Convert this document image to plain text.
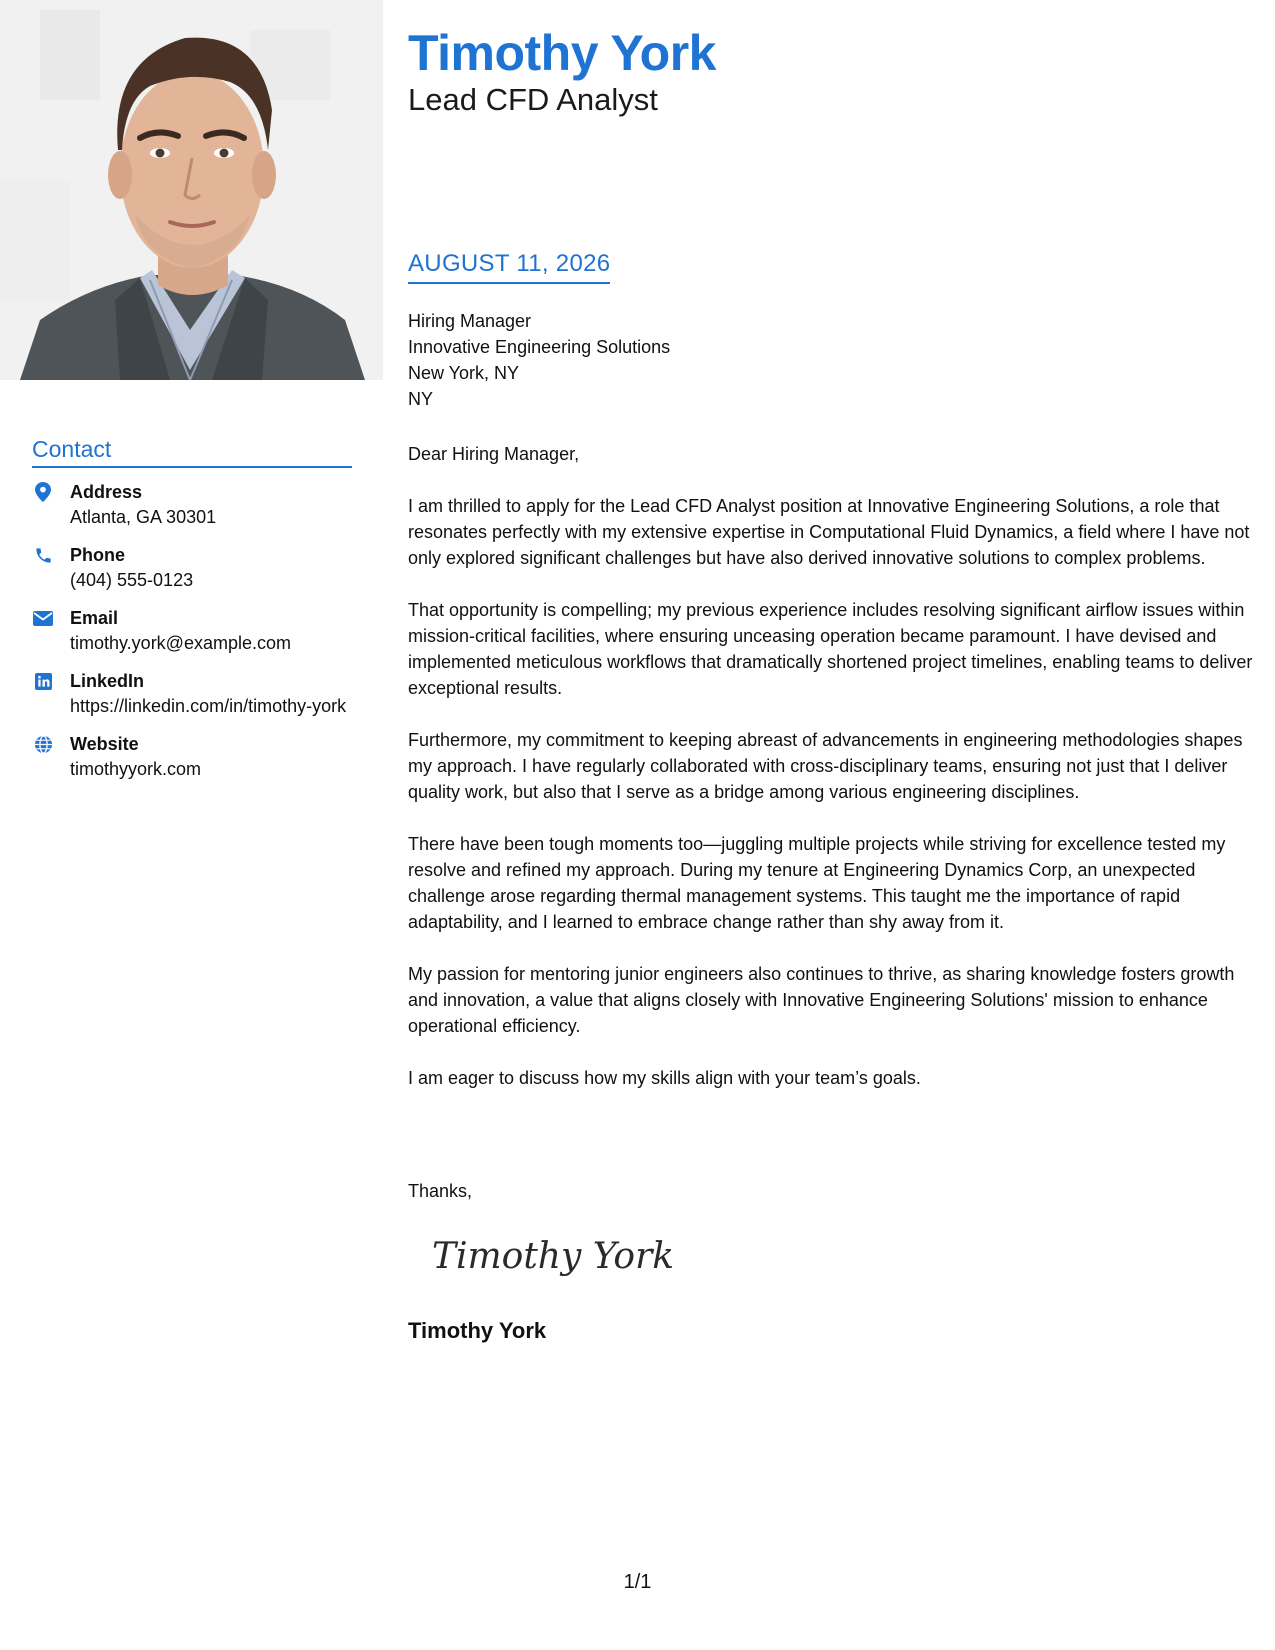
Timothy York
Lead CFD Analyst
Contact
Address
Atlanta, GA 30301
Phone
(404) 555-0123
Email
timothy.york@example.com
LinkedIn
https://linkedin.com/in/timothy-york
Website
timothyyork.com
AUGUST 11, 2026
Hiring Manager
Innovative Engineering Solutions
New York, NY
NY

Dear Hiring Manager,

I am thrilled to apply for the Lead CFD Analyst position at Innovative Engineering Solutions, a role that resonates perfectly with my extensive expertise in Computational Fluid Dynamics, a field where I have not only explored significant challenges but have also derived innovative solutions to complex problems.

That opportunity is compelling; my previous experience includes resolving significant airflow issues within mission-critical facilities, where ensuring unceasing operation became paramount. I have devised and implemented meticulous workflows that dramatically shortened project timelines, enabling teams to deliver exceptional results.

Furthermore, my commitment to keeping abreast of advancements in engineering methodologies shapes my approach. I have regularly collaborated with cross-disciplinary teams, ensuring not just that I deliver quality work, but also that I serve as a bridge among various engineering disciplines.

There have been tough moments too—juggling multiple projects while striving for excellence tested my resolve and refined my approach. During my tenure at Engineering Dynamics Corp, an unexpected challenge arose regarding thermal management systems. This taught me the importance of rapid adaptability, and I learned to embrace change rather than shy away from it.

My passion for mentoring junior engineers also continues to thrive, as sharing knowledge fosters growth and innovation, a value that aligns closely with Innovative Engineering Solutions' mission to enhance operational efficiency.

I am eager to discuss how my skills align with your team’s goals.

Thanks,
Timothy York
Timothy York
1/1
